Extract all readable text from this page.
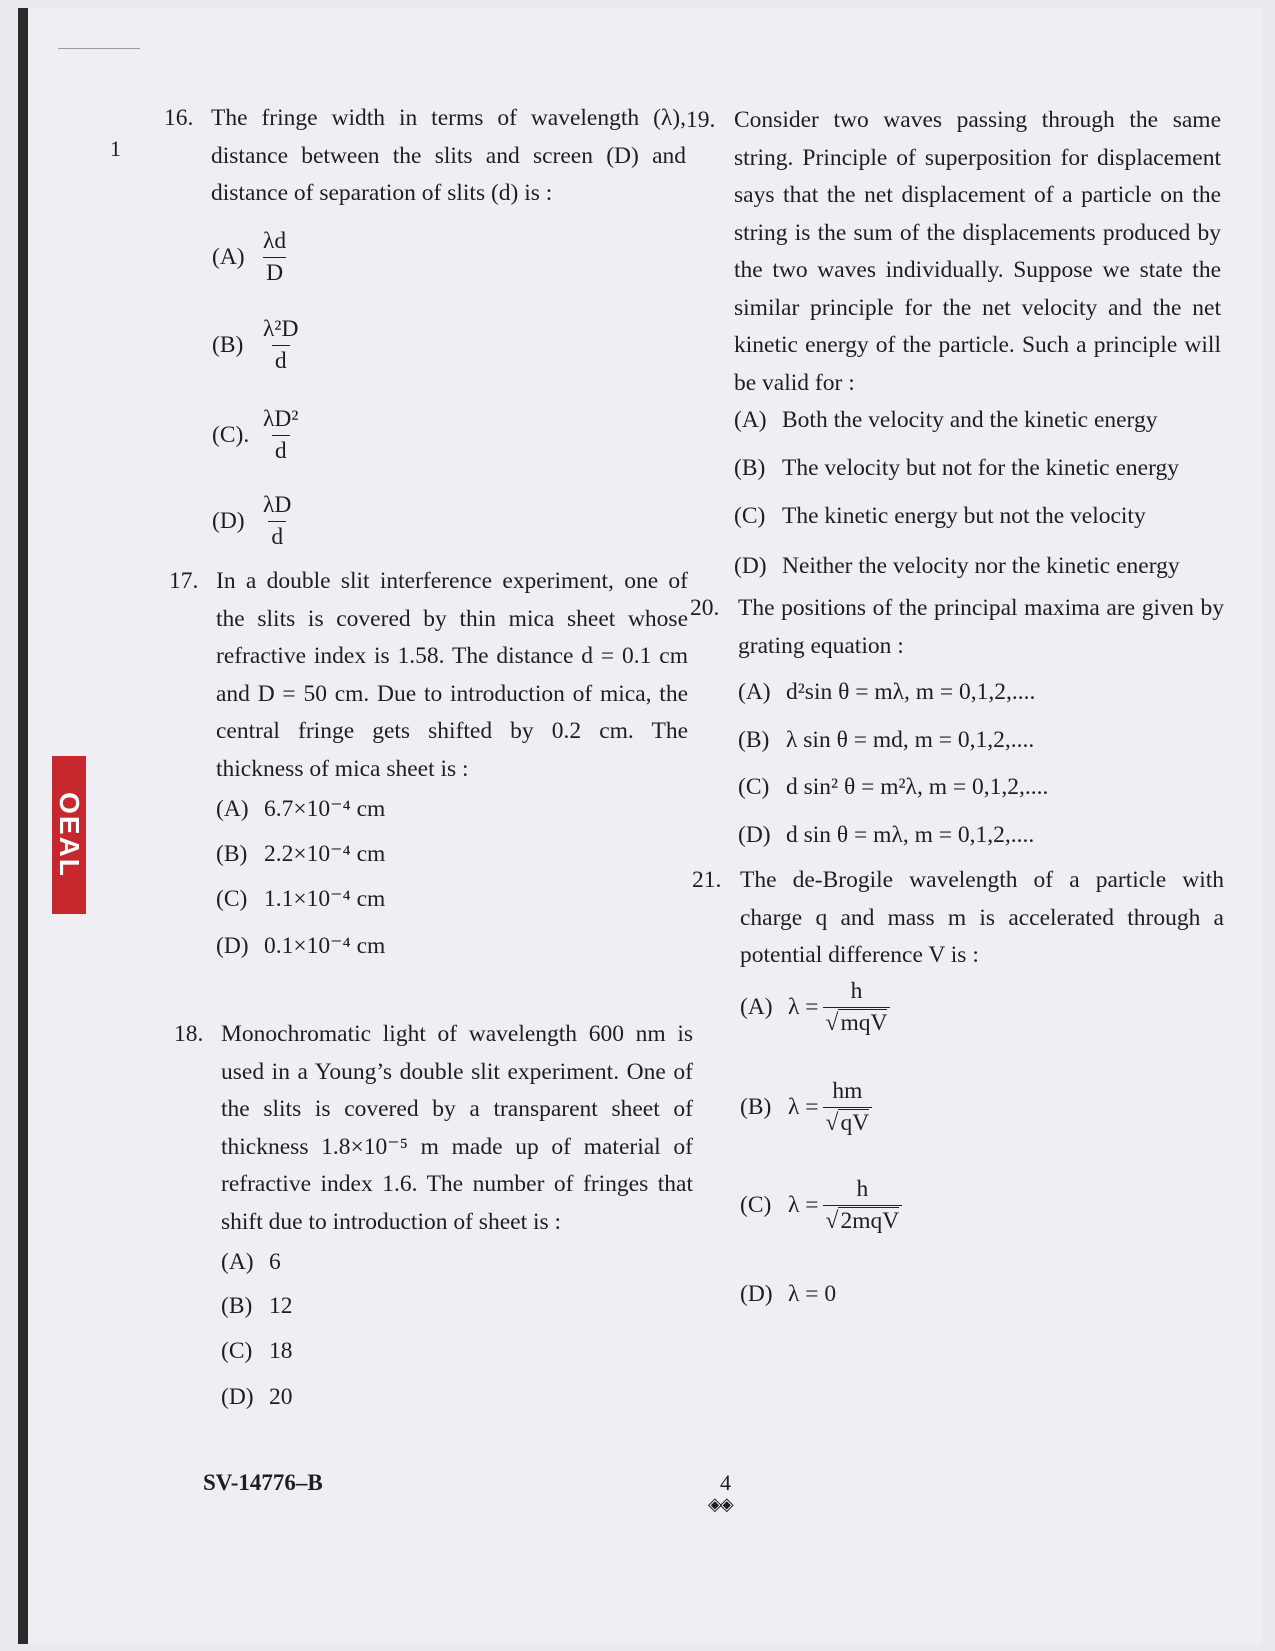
OEAL
1
16. The fringe width in terms of wavelength (λ), distance between the slits and screen (D) and distance of separation of slits (d) is :
$(A) \frac{\lambda d}{D}$
$(B) \frac{\text{λ²D}}{d}$
(C). $\frac{\text{λD²}}{d}$
$(D) \frac{\lambda D}{d}$
17. In a double slit interference experiment, one of the slits is covered by thin mica sheet whose refractive index is 1.58. The distance d = 0.1 cm and D = 50 cm. Due to introduction of mica, the central fringe gets shifted by 0.2 cm. The thickness of mica sheet is :
(A) 6.7×10⁻⁴ cm
(B) 2.2×10⁻⁴ cm
(C) 1.1×10⁻⁴ cm
(D) 0.1×10⁻⁴ cm
18. Monochromatic light of wavelength 600 nm is used in a Young’s double slit experiment. One of the slits is covered by a transparent sheet of thickness 1.8×10⁻⁵ m made up of material of refractive index 1.6. The number of fringes that shift due to introduction of sheet is :
(A) 6
(B) 12
(C) 18
(D) 20
19. Consider two waves passing through the same string. Principle of superposition for displacement says that the net displacement of a particle on the string is the sum of the displacements produced by the two waves individually. Suppose we state the similar principle for the net velocity and the net kinetic energy of the particle. Such a principle will be valid for :
(A) Both the velocity and the kinetic energy
(B) The velocity but not for the kinetic energy
(C) The kinetic energy but not the velocity
(D) Neither the velocity nor the kinetic energy
20. The positions of the principal maxima are given by grating equation :
(A) d²sin θ = mλ, m = 0,1,2,....
(B) λ sin θ = md, m = 0,1,2,....
(C) d sin² θ = m²λ, m = 0,1,2,....
(D) d sin θ = mλ, m = 0,1,2,....
21. The de-Brogile wavelength of a particle with charge q and mass m is accelerated through a potential difference V is :
(A) $\lambda = \frac{h}{\text{√mqV}}$
(B) $\lambda = \frac{hm}{√qV}$
(C) $\lambda = \frac{h}{\text{√2mqV}}$
(D) λ = 0
SV-14776–B	4
◈◈
